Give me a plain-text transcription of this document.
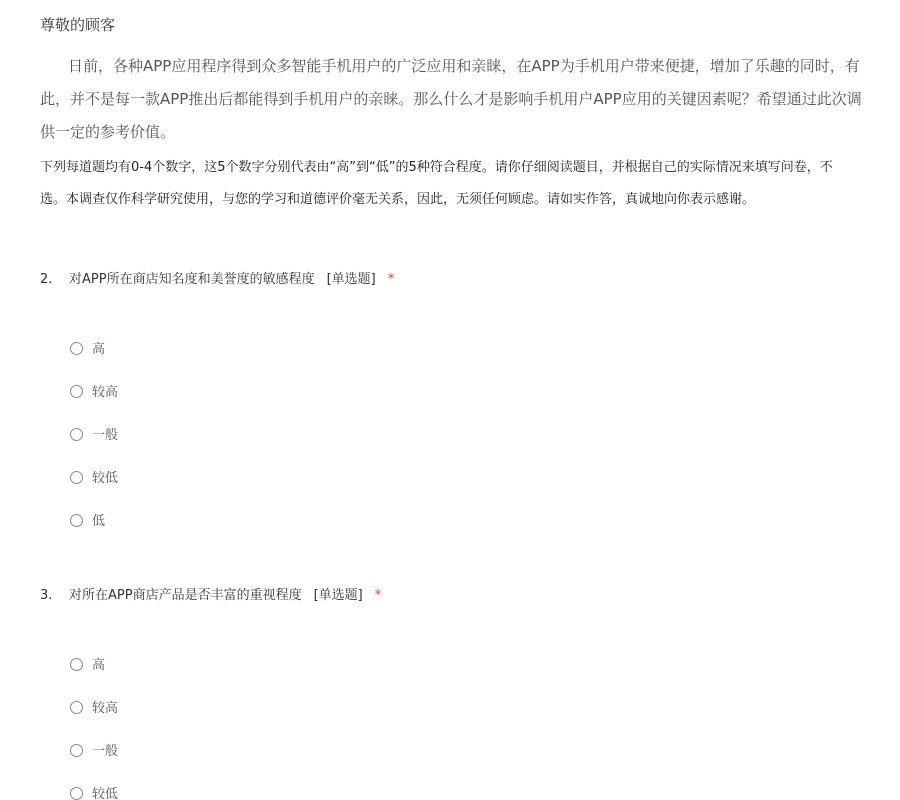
尊敬的顾客
日前，各种APP应用程序得到众多智能手机用户的广泛应用和亲睐，在APP为手机用户带来便捷，增加了乐趣的同时，有
此，并不是每一款APP推出后都能得到手机用户的亲睐。那么什么才是影响手机用户APP应用的关键因素呢？希望通过此次调
供一定的参考价值。
下列每道题均有0-4个数字，这5个数字分别代表由“高”到“低”的5种符合程度。请你仔细阅读题目，并根据自己的实际情况来填写问卷，不
选。本调查仅作科学研究使用，与您的学习和道德评价毫无关系，因此，无须任何顾虑。请如实作答，真诚地向你表示感谢。
2. 对APP所在商店知名度和美誉度的敏感程度 [单选题] *
高
较高
一般
较低
低
3. 对所在APP商店产品是否丰富的重视程度 [单选题] *
高
较高
一般
较低
